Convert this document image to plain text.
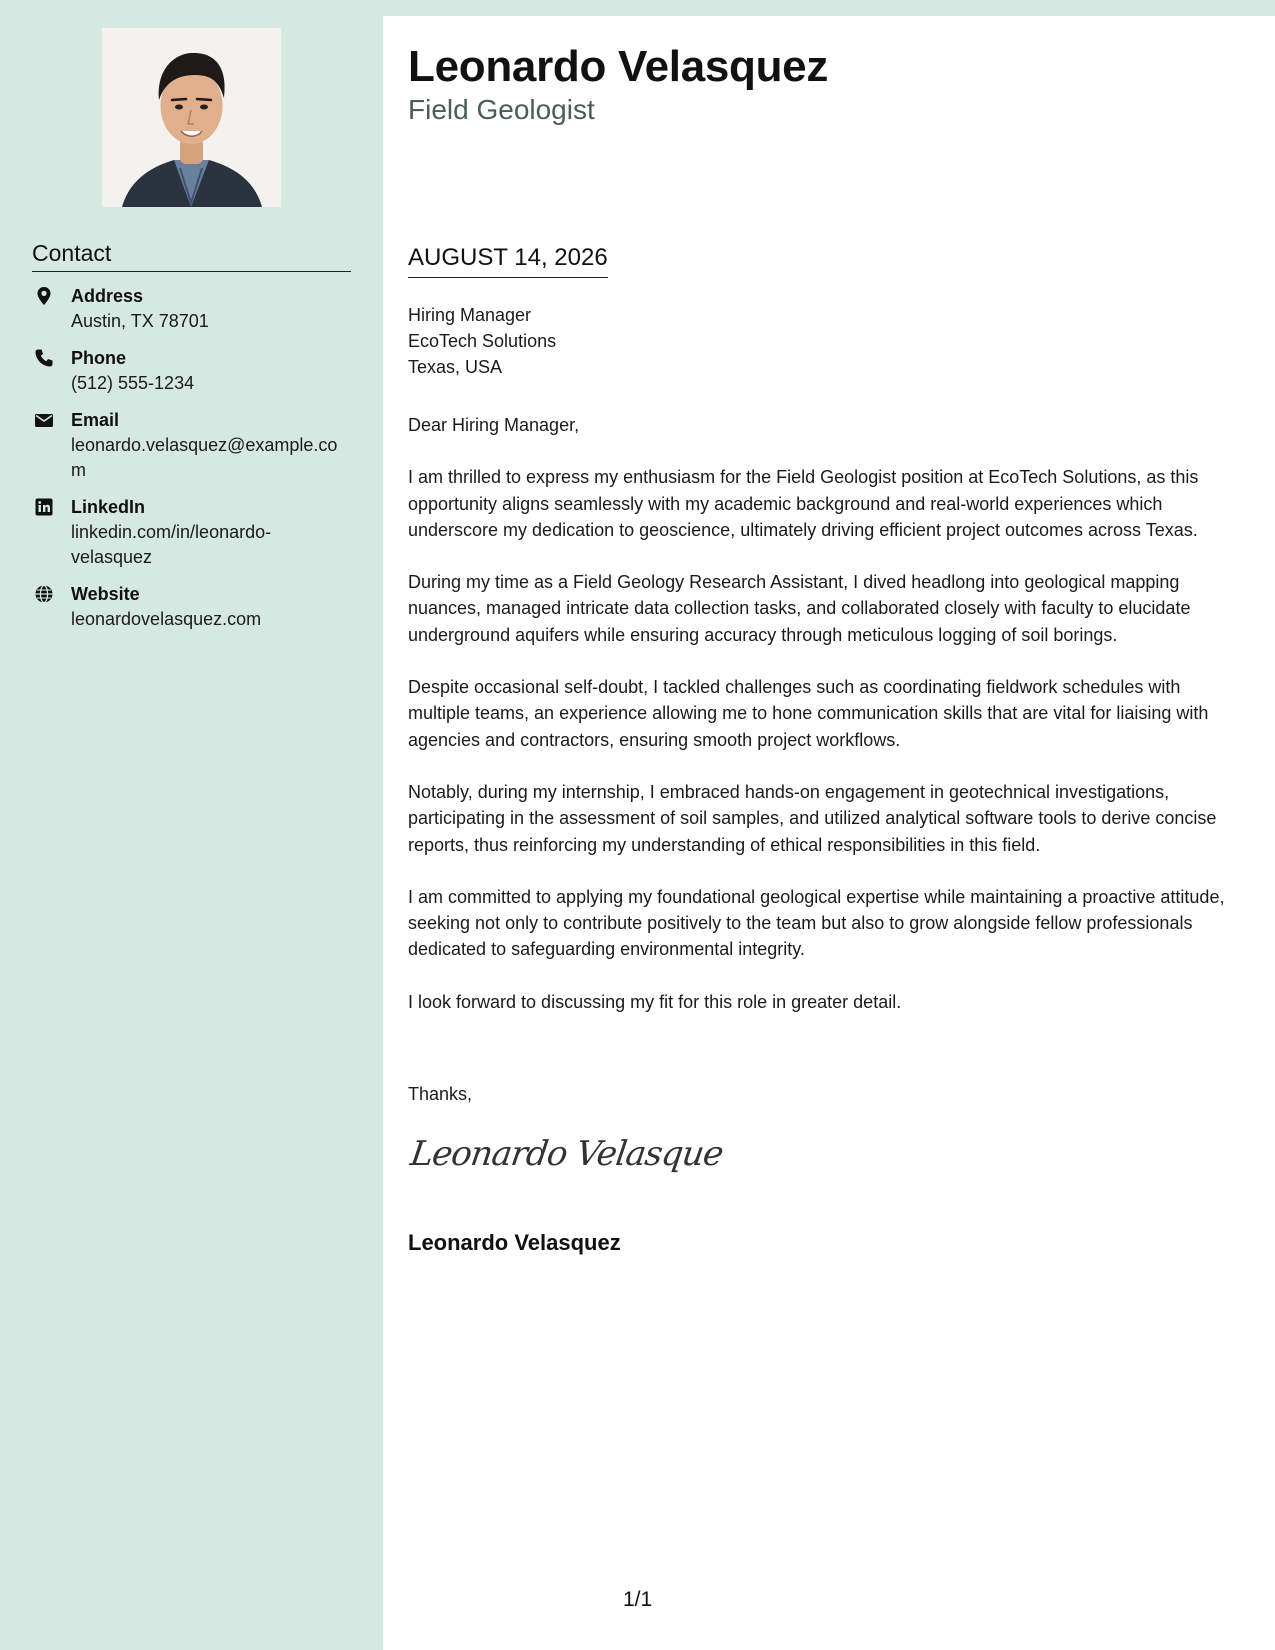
Contact
Address
Austin, TX 78701
Phone
(512) 555-1234
Email
leonardo.velasquez@example.com
LinkedIn
linkedin.com/in/leonardo-
velasquez
Website
leonardovelasquez.com
Leonardo Velasquez
Field Geologist
AUGUST 14, 2026
Hiring Manager
EcoTech Solutions
Texas, USA

Dear Hiring Manager,

I am thrilled to express my enthusiasm for the Field Geologist position at EcoTech Solutions, as this opportunity aligns seamlessly with my academic background and real-world experiences which underscore my dedication to geoscience, ultimately driving efficient project outcomes across Texas.

During my time as a Field Geology Research Assistant, I dived headlong into geological mapping nuances, managed intricate data collection tasks, and collaborated closely with faculty to elucidate underground aquifers while ensuring accuracy through meticulous logging of soil borings.

Despite occasional self-doubt, I tackled challenges such as coordinating fieldwork schedules with multiple teams, an experience allowing me to hone communication skills that are vital for liaising with agencies and contractors, ensuring smooth project workflows.

Notably, during my internship, I embraced hands-on engagement in geotechnical investigations, participating in the assessment of soil samples, and utilized analytical software tools to derive concise reports, thus reinforcing my understanding of ethical responsibilities in this field.

I am committed to applying my foundational geological expertise while maintaining a proactive attitude, seeking not only to contribute positively to the team but also to grow alongside fellow professionals dedicated to safeguarding environmental integrity.

I look forward to discussing my fit for this role in greater detail.

Thanks,
Leonardo Velasque
Leonardo Velasquez
1/1
